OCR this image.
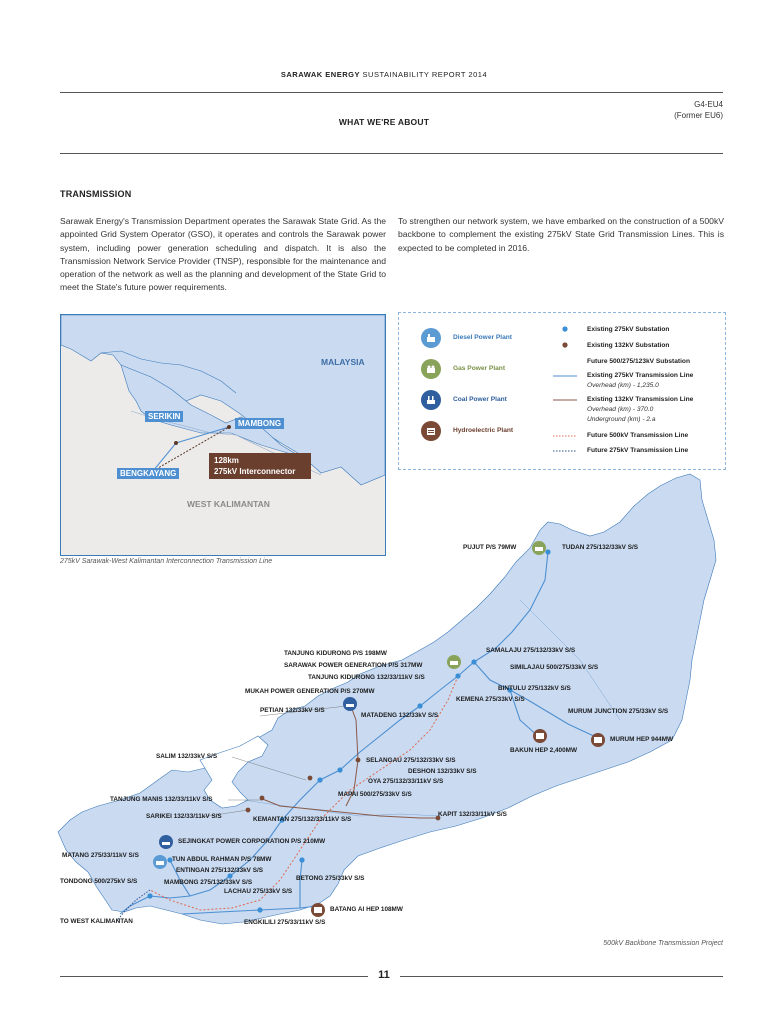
SARAWAK ENERGY SUSTAINABILITY REPORT 2014
WHAT WE'RE ABOUT
G4-EU4
(Former EU6)
TRANSMISSION
Sarawak Energy's Transmission Department operates the Sarawak State Grid. As the appointed Grid System Operator (GSO), it operates and controls the Sarawak power system, including power generation scheduling and dispatch. It is also the Transmission Network Service Provider (TNSP), responsible for the maintenance and operation of the network as well as the planning and development of the State Grid to meet the State's future power requirements.
To strengthen our network system, we have embarked on the construction of a 500kV backbone to complement the existing 275kV State Grid Transmission Lines. This is expected to be completed in 2016.
MALAYSIA
SERIKIN
MAMBONG
BENGKAYANG
128km
275kV Interconnector
WEST KALIMANTAN
275kV Sarawak-West Kalimantan Interconnection Transmission Line
Diesel Power Plant
Gas Power Plant
Coal Power Plant
Hydroelectric Plant
Existing 275kV Substation
Existing 132kV Substation
Future 500/275/123kV Substation
Existing 275kV Transmission Line
Overhead (km) - 1,235.0
Existing 132kV Transmission Line
Overhead (km) - 370.0
Underground (km) - 2.a
Future 500kV Transmission Line
Future 275kV Transmission Line
PUJUT P/S 79MW	TUDAN 275/132/33kV S/S
TANJUNG KIDURONG P/S 198MW	SAMALAJU 275/132/33kV S/S
SARAWAK POWER GENERATION P/S 317MW	SIMILAJAU 500/275/33kV S/S
TANJUNG KIDURONG 132/33/11kV S/S
BINTULU 275/132kV S/S
MUKAH POWER GENERATION P/S 270MW
KEMENA 275/33kV S/S
PETIAN 132/33kV S/S	MURUM JUNCTION 275/33kV S/S
MATADENG 132/33kV S/S
MURUM HEP 944MW
BAKUN HEP 2,400MW
SALIM 132/33kV S/S
SELANGAU 275/132/33kV S/S
DESHON 132/33kV S/S
OYA 275/132/33/11kV S/S
MAPAI 500/275/33kV S/S
TANJUNG MANIS 132/33/11kV S/S
SARIKEI 132/33/11kV S/S	KAPIT 132/33/11kV S/S
KEMANTAN 275/132/33/11kV S/S
SEJINGKAT POWER CORPORATION P/S 210MW
MATANG 275/33/11kV S/S
TUN ABDUL RAHMAN P/S 78MW
ENTINGAN 275/132/33kV S/S
BETONG 275/33kV S/S
TONDONG 500/275kV S/S	MAMBONG 275/132/33kV S/S
LACHAU 275/33kV S/S
BATANG AI HEP 108MW
TO WEST KALIMANTAN	ENGKILILI 275/33/11kV S/S
500kV Backbone Transmission Project
11
